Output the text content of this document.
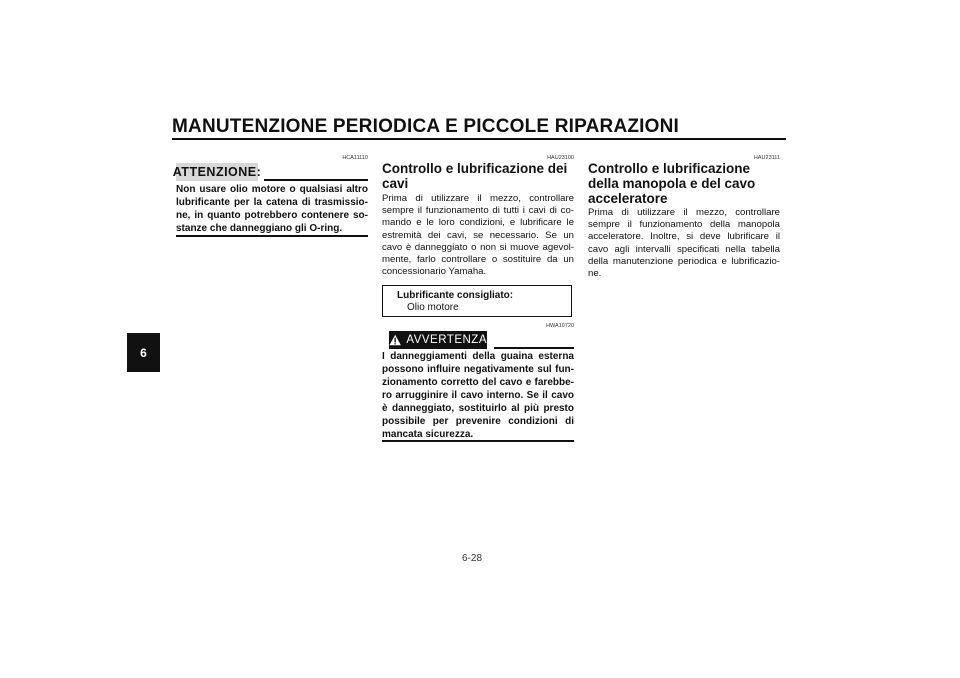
MANUTENZIONE PERIODICA E PICCOLE RIPARAZIONI
6
HCA11110
ATTENZIONE:
Non usare olio motore o qualsiasi altro lubrificante per la catena di trasmissio-ne, in quanto potrebbero contenere so-stanze che danneggiano gli O-ring.
HAU23100
Controllo e lubrificazione dei cavi
Prima di utilizzare il mezzo, controllare sempre il funzionamento di tutti i cavi di co-mando e le loro condizioni, e lubrificare le estremità dei cavi, se necessario. Se un cavo è danneggiato o non si muove agevol-mente, farlo controllare o sostituire da un concessionario Yamaha.
Lubrificante consigliato:
Olio motore
HWA10720
AVVERTENZA
I danneggiamenti della guaina esterna possono influire negativamente sul fun-zionamento corretto del cavo e farebbe-ro arrugginire il cavo interno. Se il cavo è danneggiato, sostituirlo al più presto possibile per prevenire condizioni di mancata sicurezza.
HAU23111
Controllo e lubrificazione della manopola e del cavo acceleratore
Prima di utilizzare il mezzo, controllare sempre il funzionamento della manopola acceleratore. Inoltre, si deve lubrificare il cavo agli intervalli specificati nella tabella della manutenzione periodica e lubrificazio-ne.
6-28
